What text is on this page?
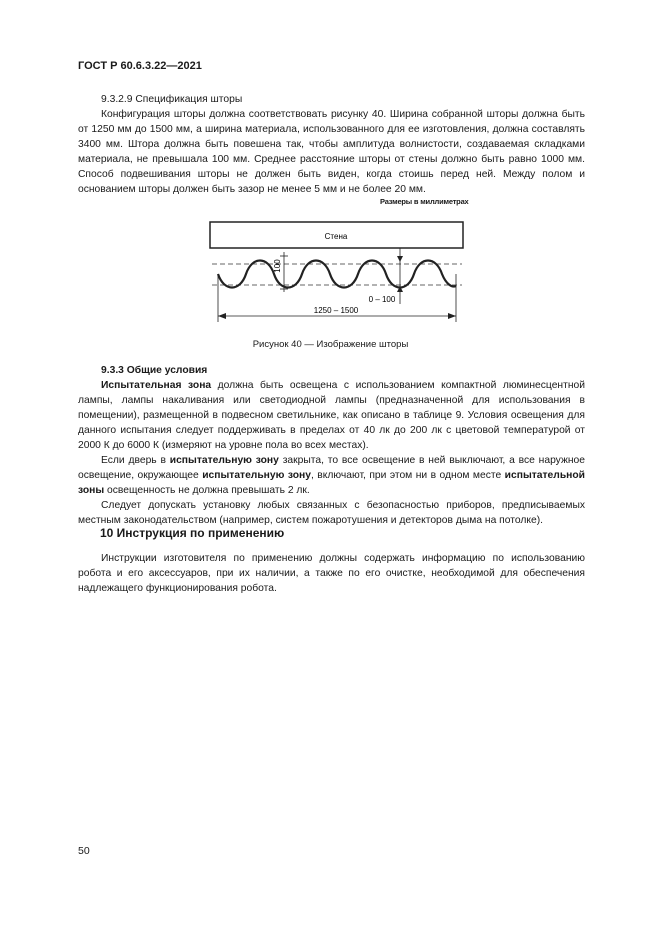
ГОСТ Р 60.6.3.22—2021

9.3.2.9 Спецификация шторы

Конфигурация шторы должна соответствовать рисунку 40. Ширина собранной шторы должна быть от 1250 мм до 1500 мм, а ширина материала, использованного для ее изготовления, должна составлять 3400 мм. Штора должна быть повешена так, чтобы амплитуда волнистости, создаваемая складками материала, не превышала 100 мм. Среднее расстояние шторы от стены должно быть равно 1000 мм. Способ подвешивания шторы не должен быть виден, когда стоишь перед ней. Между полом и основанием шторы должен быть зазор не менее 5 мм и не более 20 мм.

Размеры в миллиметрах
Стена
100
0 – 100
1250 – 1500
Рисунок 40 — Изображение шторы

9.3.3 Общие условия

Испытательная зона должна быть освещена с использованием компактной люминесцентной лампы, лампы накаливания или светодиодной лампы (предназначенной для использования в помещении), размещенной в подвесном светильнике, как описано в таблице 9. Условия освещения для данного испытания следует поддерживать в пределах от 40 лк до 200 лк с цветовой температурой от 2000 К до 6000 К (измеряют на уровне пола во всех местах).

Если дверь в испытательную зону закрыта, то все освещение в ней выключают, а все наружное освещение, окружающее испытательную зону, включают, при этом ни в одном месте испытательной зоны освещенность не должна превышать 2 лк.

Следует допускать установку любых связанных с безопасностью приборов, предписываемых местным законодательством (например, систем пожаротушения и детекторов дыма на потолке).

10 Инструкция по применению

Инструкции изготовителя по применению должны содержать информацию по использованию робота и его аксессуаров, при их наличии, а также по его очистке, необходимой для обеспечения надлежащего функционирования робота.

50
